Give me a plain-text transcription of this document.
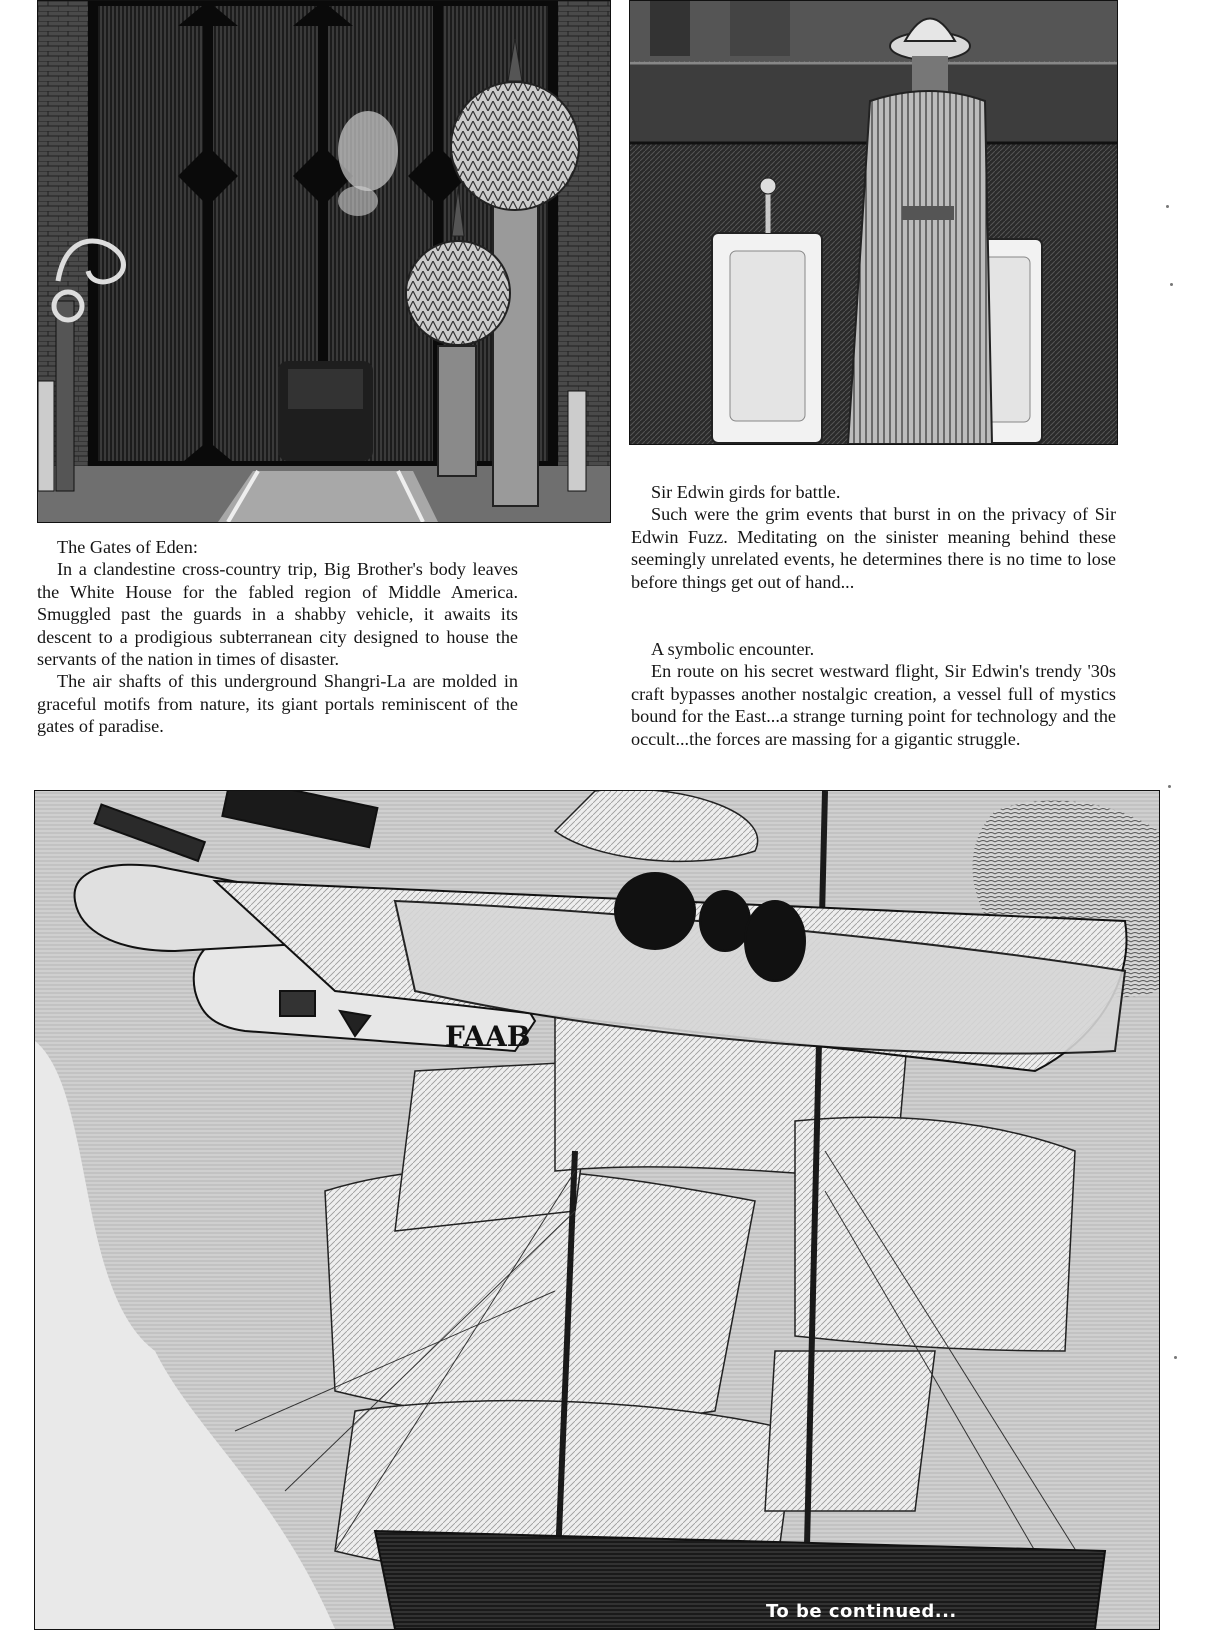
The Gates of Eden:

In a clandestine cross-country trip, Big Brother's body leaves the White House for the fabled region of Middle America. Smuggled past the guards in a shabby vehicle, it awaits its descent to a prodigious subterranean city designed to house the servants of the nation in times of disaster.

The air shafts of this underground Shangri-La are molded in graceful motifs from nature, its giant portals reminiscent of the gates of paradise.

Sir Edwin girds for battle.

Such were the grim events that burst in on the privacy of Sir Edwin Fuzz. Meditating on the sinister meaning behind these seemingly unrelated events, he determines there is no time to lose before things get out of hand...

A symbolic encounter.

En route on his secret westward flight, Sir Edwin's trendy '30s craft bypasses another nostalgic creation, a vessel full of mystics bound for the East...a strange turning point for technology and the occult...the forces are massing for a gigantic struggle.

FAAB
To be continued...
